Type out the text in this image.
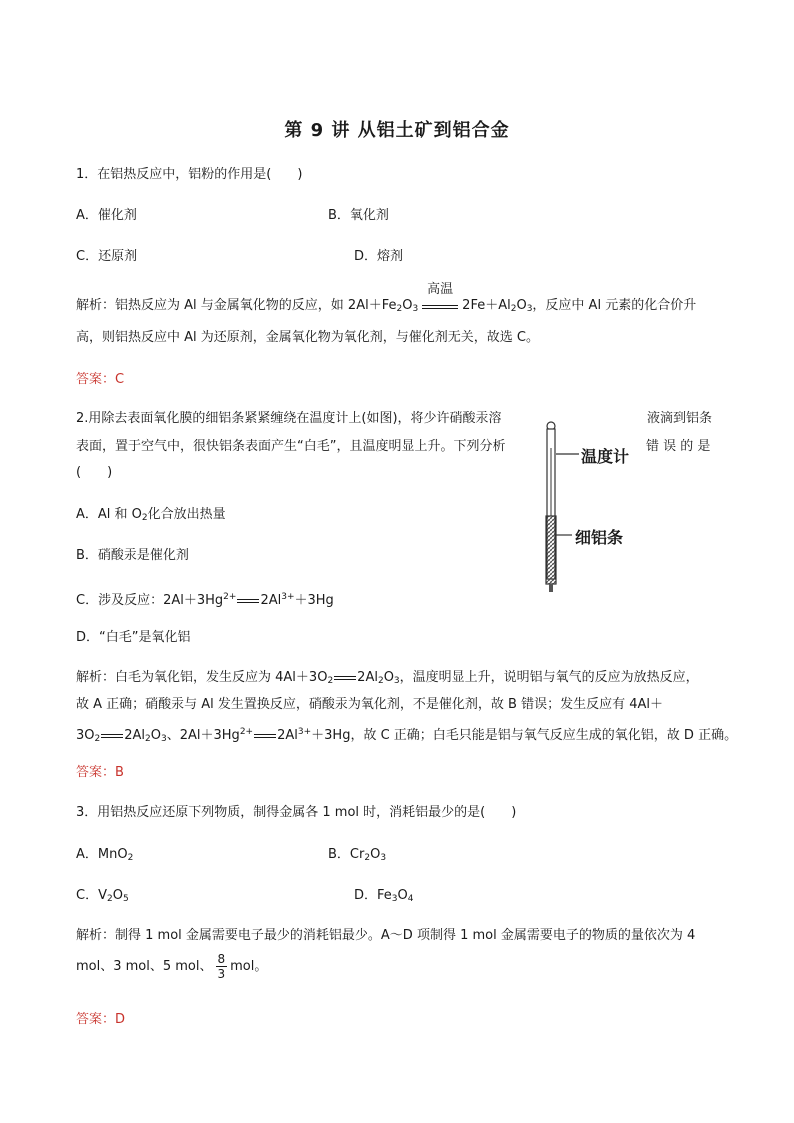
第 9 讲 从铝土矿到铝合金
1．在铝热反应中，铝粉的作用是(　　)
A．催化剂	B．氧化剂
C．还原剂	D．熔剂
解析：铝热反应为 Al 与金属氧化物的反应，如 $2Al+Fe_2O_3$
高温
$2Fe+Al_2O_3$，反应中 Al 元素的化合价升
高，则铝热反应中 Al 为还原剂，金属氧化物为氧化剂，与催化剂无关，故选 C。
答案：C
2.用除去表面氧化膜的细铝条紧紧缠绕在温度计上(如图)，将少许硝酸汞溶	液滴到铝条
表面，置于空气中，很快铝条表面产生“白毛”，且温度明显上升。下列分析	错 误 的 是
(　　)
温度计
细铝条
A．Al 和 $O_2$化合放出热量
B．硝酸汞是催化剂
C．涉及反应：$2Al+3Hg^{2+}$ $2Al^{3+}+3Hg$
D．“白毛”是氧化铝
解析：白毛为氧化铝，发生反应为 $4Al+3O_2$ $2Al_2O_3$，温度明显上升，说明铝与氧气的反应为放热反应，
故 A 正确；硝酸汞与 Al 发生置换反应，硝酸汞为氧化剂，不是催化剂，故 B 错误；发生反应有 4Al＋
$3O_2$ $2Al_2O_3$、$2Al+3Hg^{2+}$ $2Al^{3+}+3Hg$，故 C 正确；白毛只能是铝与氧气反应生成的氧化铝，故 D 正确。
答案：B
3．用铝热反应还原下列物质，制得金属各 1 mol 时，消耗铝最少的是(　　)
A．MnO$_2$	B．$Cr_2O_3$
C．$V_2O_5$	D．$Fe_3O_4$
解析：制得 1 mol 金属需要电子最少的消耗铝最少。A～D 项制得 1 mol 金属需要电子的物质的量依次为 4
mol、3 mol、5 mol、 $\frac{8}{3}$ mol。
答案：D
